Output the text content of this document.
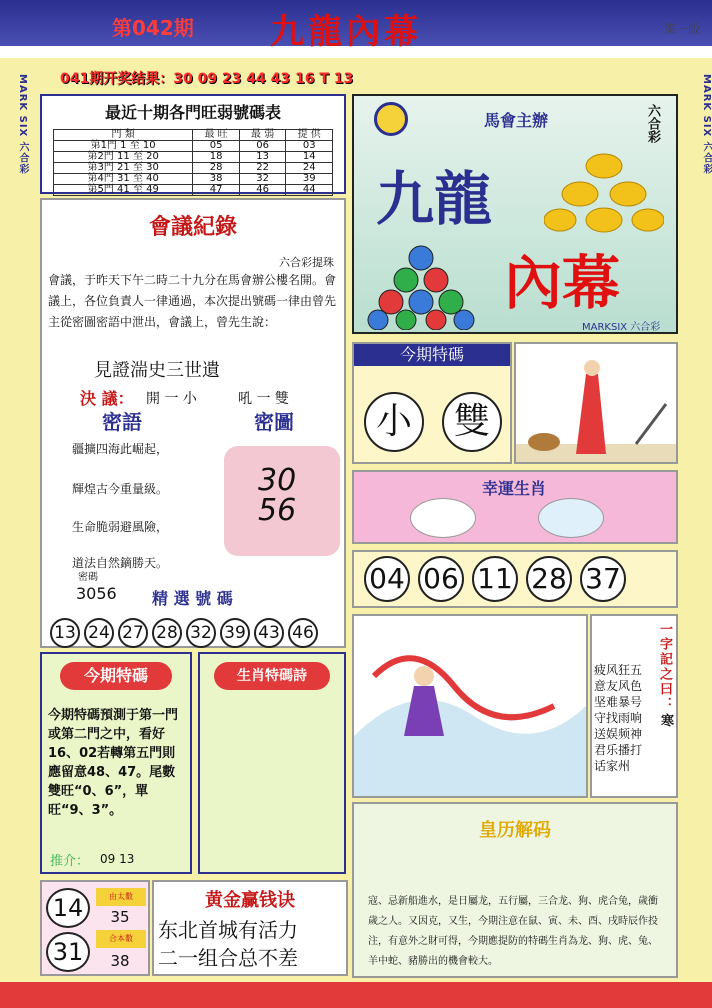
第042期 九龍內幕	第一版
MARK SIX 六合彩	MARK SIX 六合彩
041期开奖结果：30 09 23 44 43 16 T 13
最近十期各門旺弱號碼表
門 類	最 旺	最 弱	提 供
第1門 1 至 10	05	06	03
第2門 11 至 20	18	13	14
第3門 21 至 30	28	22	24
第4門 31 至 40	38	32	39
第5門 41 至 49	47	46	44
馬會主辦	六合彩
九龍
內幕
MARKSIX 六合彩
會議紀錄
六合彩提珠
會議，于昨天下午二時二十九分在馬會辦公樓名開。會議上，各位負責人一律通過，本次提出號碼一律由曾先主從密圖密語中泄出，會議上，曾先生說：
見證湍史三世遺
決 議： 開 一 小	吼 一 雙
密語	密圖
疆擴四海此崛起，
輝煌古今重量級。
生命脆弱避風險，
道法自然鏑勝天。
30
56
密碼
3056 精 選 號 碼
13 24 27 28 32 39 43 46
今期特碼
小	雙
幸運生肖
04 06 11 28 37
一字記之曰：
寒
疲风狂五
意友风色
坚难暴号
守找雨响
送娱频神
君乐播打
话家州
今期特碼
今期特碼預測于第一門或第二門之中，看好16、02若轉第五門則應留意48、47。尾數雙旺“0、6”，單旺“9、3”。
推介： 09 13
生肖特碼詩
皇历解码
寇、忌新船進水，是日屬龙，五行屬，三合龙、狗、虎合兔，歲衝歲之人。又因克，又生，今期注意在鼠、寅、未、酉、戌時辰作投注，有意外之財可得，今期應提防的特碼生肖為龙、狗、虎、兔、羊中蛇、豬勝出的機會較大。
14
31
由太數
35
合本數
38
黄金赢钱诀
东北首城有活力
二一组合总不差
